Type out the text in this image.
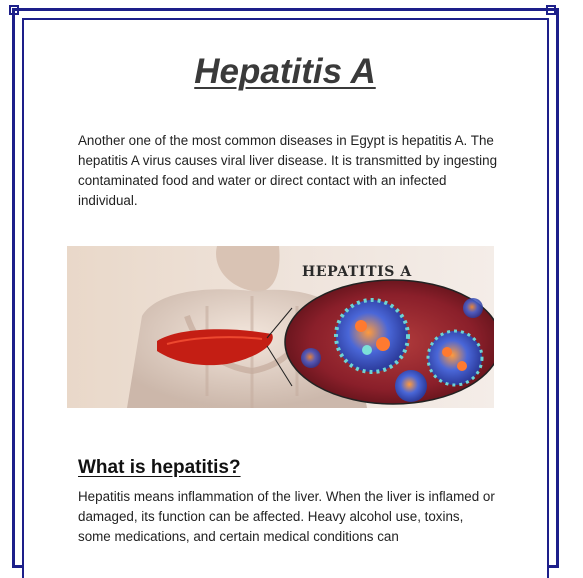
Hepatitis A
Another one of the most common diseases in Egypt is hepatitis A. The hepatitis A virus causes viral liver disease. It is transmitted by ingesting contaminated food and water or direct contact with an infected individual.
HEPATITIS A
What is hepatitis?
Hepatitis means inflammation of the liver. When the liver is inflamed or damaged, its function can be affected. Heavy alcohol use, toxins, some medications, and certain medical conditions can
